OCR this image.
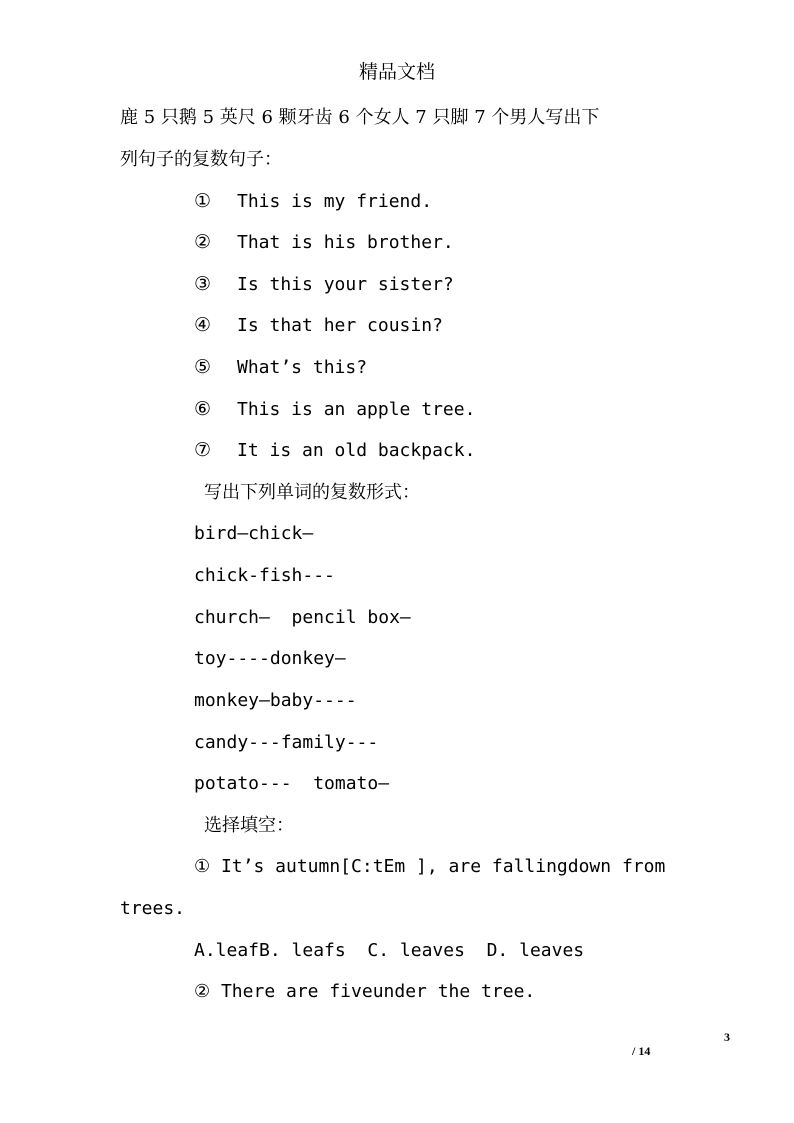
精品文档
鹿 5 只鹅 5 英尺 6 颗牙齿 6 个女人 7 只脚 7 个男人写出下
列句子的复数句子：
① This is my friend.
② That is his brother.
③ Is this your sister?
④ Is that her cousin?
⑤ What’s this?
⑥ This is an apple tree.
⑦ It is an old backpack.
写出下列单词的复数形式：
bird—chick—
chick-fish---
church—  pencil box—
toy----donkey—
monkey—baby----
candy---family---
potato---  tomato—
选择填空：
① It’s autumn[C:tEm ], are fallingdown from
trees.
A.leafB. leafs  C. leaves  D. leaves
② There are fiveunder the tree.
3
/ 14
